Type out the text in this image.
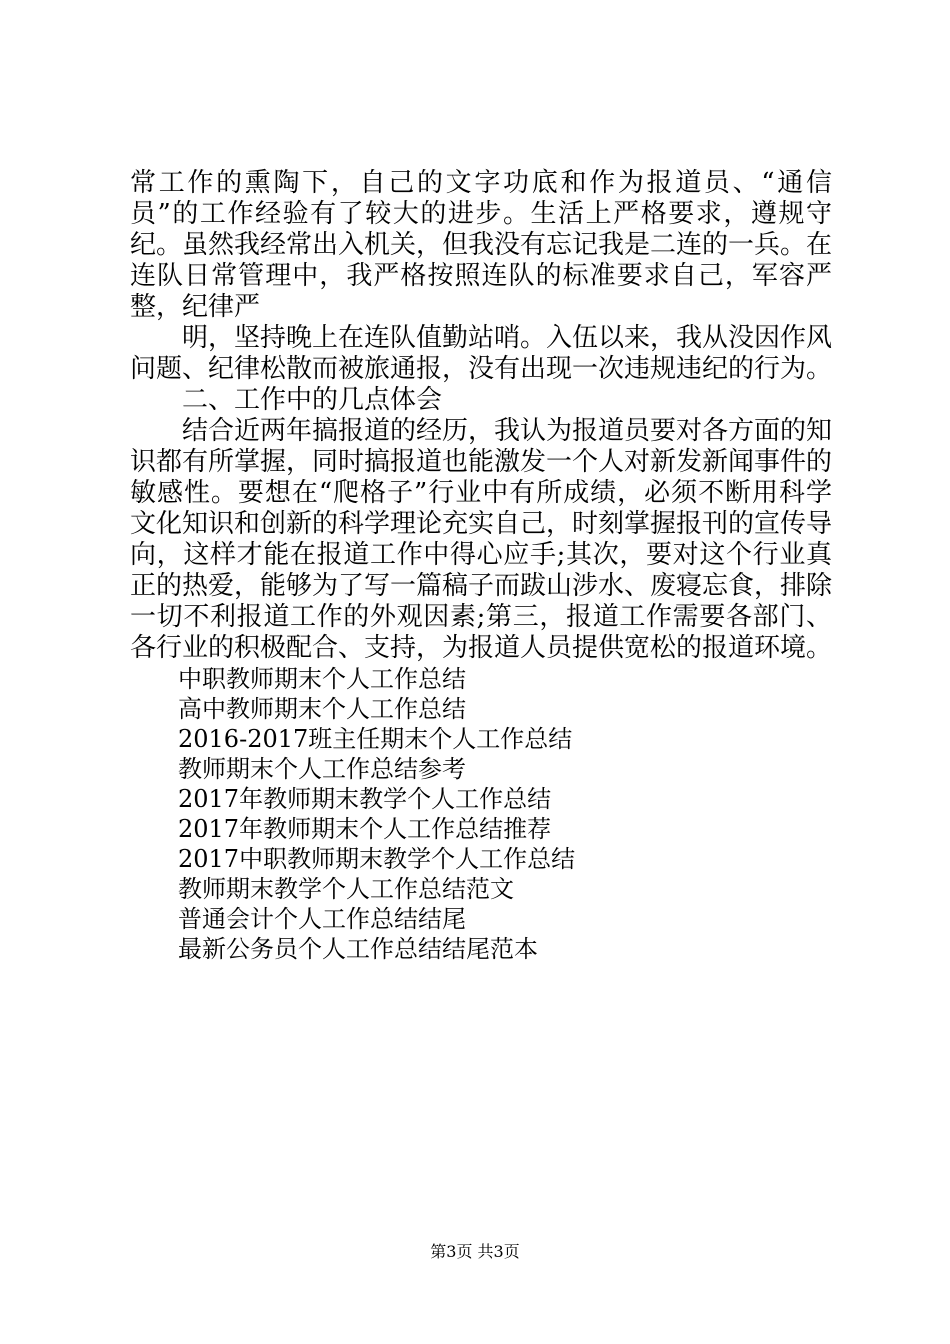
常工作的熏陶下，自己的文字功底和作为报道员、“通信员”的工作经验有了较大的进步。生活上严格要求，遵规守纪。虽然我经常出入机关，但我没有忘记我是二连的一兵。在连队日常管理中，我严格按照连队的标准要求自己，军容严整，纪律严

明，坚持晚上在连队值勤站哨。入伍以来，我从没因作风问题、纪律松散而被旅通报，没有出现一次违规违纪的行为。

二、工作中的几点体会

结合近两年搞报道的经历，我认为报道员要对各方面的知识都有所掌握，同时搞报道也能激发一个人对新发新闻事件的敏感性。要想在“爬格子”行业中有所成绩，必须不断用科学文化知识和创新的科学理论充实自己，时刻掌握报刊的宣传导向，这样才能在报道工作中得心应手;其次，要对这个行业真正的热爱，能够为了写一篇稿子而跋山涉水、废寝忘食，排除一切不利报道工作的外观因素;第三，报道工作需要各部门、各行业的积极配合、支持，为报道人员提供宽松的报道环境。

中职教师期末个人工作总结
高中教师期末个人工作总结
2016-2017班主任期末个人工作总结
教师期末个人工作总结参考
2017年教师期末教学个人工作总结
2017年教师期末个人工作总结推荐
2017中职教师期末教学个人工作总结
教师期末教学个人工作总结范文
普通会计个人工作总结结尾
最新公务员个人工作总结结尾范本
第3页 共3页
